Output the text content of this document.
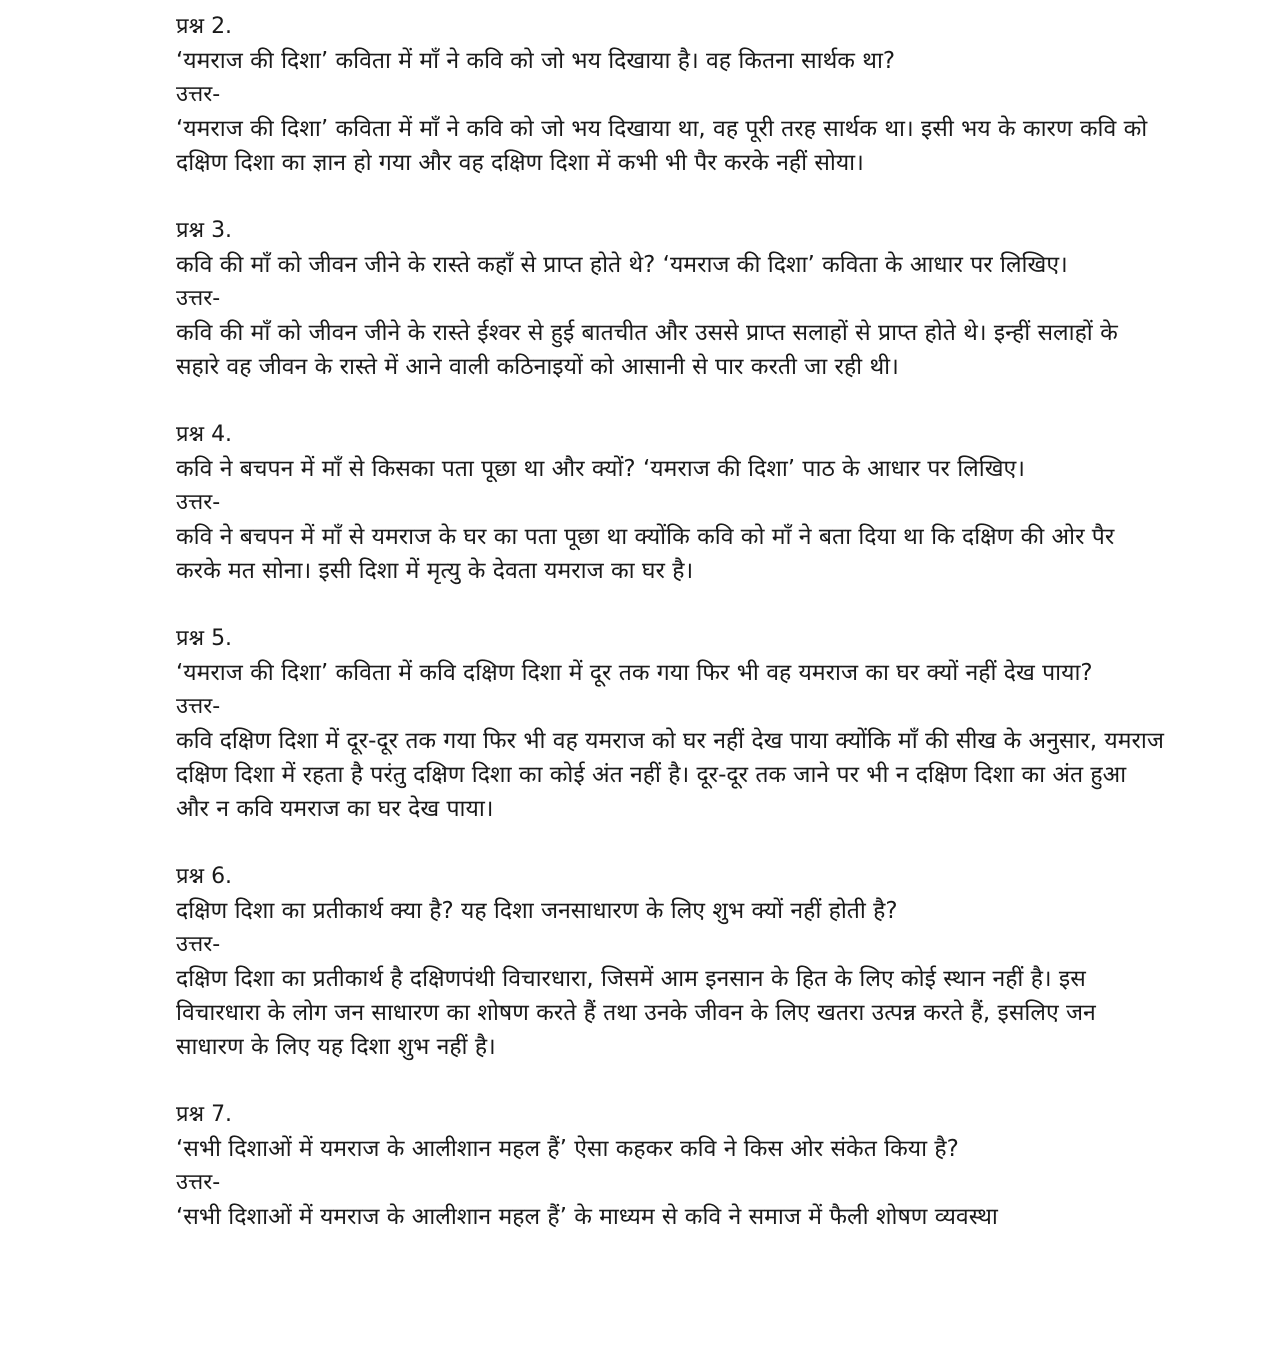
प्रश्न 2.

‘यमराज की दिशा’ कविता में माँ ने कवि को जो भय दिखाया है। वह कितना सार्थक था?

उत्तर-

‘यमराज की दिशा’ कविता में माँ ने कवि को जो भय दिखाया था, वह पूरी तरह सार्थक था। इसी भय के कारण कवि को दक्षिण दिशा का ज्ञान हो गया और वह दक्षिण दिशा में कभी भी पैर करके नहीं सोया।

प्रश्न 3.

कवि की माँ को जीवन जीने के रास्ते कहाँ से प्राप्त होते थे? ‘यमराज की दिशा’ कविता के आधार पर लिखिए।

उत्तर-

कवि की माँ को जीवन जीने के रास्ते ईश्वर से हुई बातचीत और उससे प्राप्त सलाहों से प्राप्त होते थे। इन्हीं सलाहों के सहारे वह जीवन के रास्ते में आने वाली कठिनाइयों को आसानी से पार करती जा रही थी।

प्रश्न 4.

कवि ने बचपन में माँ से किसका पता पूछा था और क्यों? ‘यमराज की दिशा’ पाठ के आधार पर लिखिए।

उत्तर-

कवि ने बचपन में माँ से यमराज के घर का पता पूछा था क्योंकि कवि को माँ ने बता दिया था कि दक्षिण की ओर पैर करके मत सोना। इसी दिशा में मृत्यु के देवता यमराज का घर है।

प्रश्न 5.

‘यमराज की दिशा’ कविता में कवि दक्षिण दिशा में दूर तक गया फिर भी वह यमराज का घर क्यों नहीं देख पाया?

उत्तर-

कवि दक्षिण दिशा में दूर-दूर तक गया फिर भी वह यमराज को घर नहीं देख पाया क्योंकि माँ की सीख के अनुसार, यमराज दक्षिण दिशा में रहता है परंतु दक्षिण दिशा का कोई अंत नहीं है। दूर-दूर तक जाने पर भी न दक्षिण दिशा का अंत हुआ और न कवि यमराज का घर देख पाया।

प्रश्न 6.

दक्षिण दिशा का प्रतीकार्थ क्या है? यह दिशा जनसाधारण के लिए शुभ क्यों नहीं होती है?

उत्तर-

दक्षिण दिशा का प्रतीकार्थ है दक्षिणपंथी विचारधारा, जिसमें आम इनसान के हित के लिए कोई स्थान नहीं है। इस विचारधारा के लोग जन साधारण का शोषण करते हैं तथा उनके जीवन के लिए खतरा उत्पन्न करते हैं, इसलिए जन साधारण के लिए यह दिशा शुभ नहीं है।

प्रश्न 7.

‘सभी दिशाओं में यमराज के आलीशान महल हैं’ ऐसा कहकर कवि ने किस ओर संकेत किया है?

उत्तर-

‘सभी दिशाओं में यमराज के आलीशान महल हैं’ के माध्यम से कवि ने समाज में फैली शोषण व्यवस्था
